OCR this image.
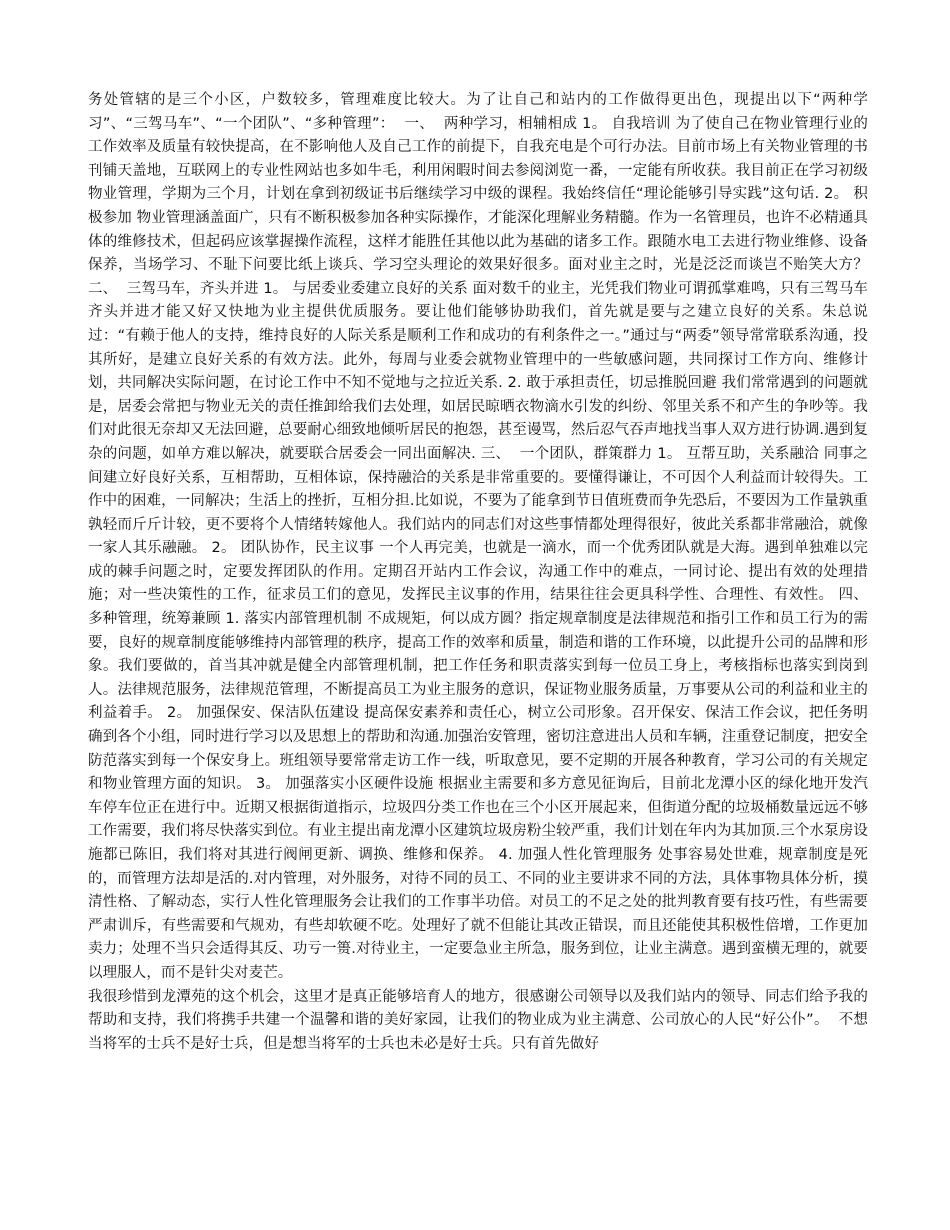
务处管辖的是三个小区，户数较多，管理难度比较大。为了让自己和站内的工作做得更出色，现提出以下“两种学习”、“三驾马车”、“一个团队”、“多种管理”：  一、  两种学习，相辅相成 1。 自我培训 为了使自己在物业管理行业的工作效率及质量有较快提高，在不影响他人及自己工作的前提下，自我充电是个可行办法。目前市场上有关物业管理的书刊铺天盖地，互联网上的专业性网站也多如牛毛，利用闲暇时间去参阅浏览一番，一定能有所收获。我目前正在学习初级物业管理，学期为三个月，计划在拿到初级证书后继续学习中级的课程。我始终信任“理论能够引导实践”这句话. 2。 积极参加 物业管理涵盖面广，只有不断积极参加各种实际操作，才能深化理解业务精髓。作为一名管理员，也许不必精通具体的维修技术，但起码应该掌握操作流程，这样才能胜任其他以此为基础的诸多工作。跟随水电工去进行物业维修、设备保养，当场学习、不耻下问要比纸上谈兵、学习空头理论的效果好很多。面对业主之时，光是泛泛而谈岂不贻笑大方？  二、  三驾马车，齐头并进 1。 与居委业委建立良好的关系 面对数千的业主，光凭我们物业可谓孤掌难鸣，只有三驾马车齐头并进才能又好又快地为业主提供优质服务。要让他们能够协助我们，首先就是要与之建立良好的关系。朱总说过：“有赖于他人的支持，维持良好的人际关系是顺利工作和成功的有利条件之一。”通过与“两委”领导常常联系沟通，投其所好，是建立良好关系的有效方法。此外，每周与业委会就物业管理中的一些敏感问题，共同探讨工作方向、维修计划，共同解决实际问题，在讨论工作中不知不觉地与之拉近关系. 2. 敢于承担责任，切忌推脱回避 我们常常遇到的问题就是，居委会常把与物业无关的责任推卸给我们去处理，如居民晾晒衣物滴水引发的纠纷、邻里关系不和产生的争吵等。我们对此很无奈却又无法回避，总要耐心细致地倾听居民的抱怨，甚至谩骂，然后忍气吞声地找当事人双方进行协调.遇到复杂的问题，如单方难以解决，就要联合居委会一同出面解决. 三、  一个团队，群策群力 1。 互帮互助，关系融洽 同事之间建立好良好关系，互相帮助，互相体谅，保持融洽的关系是非常重要的。要懂得谦让，不可因个人利益而计较得失。工作中的困难，一同解决；生活上的挫折，互相分担.比如说，不要为了能拿到节日值班费而争先恐后，不要因为工作量孰重孰轻而斤斤计较，更不要将个人情绪转嫁他人。我们站内的同志们对这些事情都处理得很好，彼此关系都非常融洽，就像一家人其乐融融。 2。 团队协作，民主议事 一个人再完美，也就是一滴水，而一个优秀团队就是大海。遇到单独难以完成的棘手问题之时，定要发挥团队的作用。定期召开站内工作会议，沟通工作中的难点，一同讨论、提出有效的处理措施；对一些决策性的工作，征求员工们的意见，发挥民主议事的作用，结果往往会更具科学性、合理性、有效性。 四、  多种管理，统筹兼顾 1. 落实内部管理机制 不成规矩，何以成方圆？指定规章制度是法律规范和指引工作和员工行为的需要，良好的规章制度能够维持内部管理的秩序，提高工作的效率和质量，制造和谐的工作环境，以此提升公司的品牌和形象。我们要做的，首当其冲就是健全内部管理机制，把工作任务和职责落实到每一位员工身上，考核指标也落实到岗到人。法律规范服务，法律规范管理，不断提高员工为业主服务的意识，保证物业服务质量，万事要从公司的利益和业主的利益着手。 2。 加强保安、保洁队伍建设 提高保安素养和责任心，树立公司形象。召开保安、保洁工作会议，把任务明确到各个小组，同时进行学习以及思想上的帮助和沟通.加强治安管理，密切注意进出人员和车辆，注重登记制度，把安全防范落实到每一个保安身上。班组领导要常常走访工作一线，听取意见，要不定期的开展各种教育，学习公司的有关规定和物业管理方面的知识。 3。 加强落实小区硬件设施 根据业主需要和多方意见征询后，目前北龙潭小区的绿化地开发汽车停车位正在进行中。近期又根据街道指示，垃圾四分类工作也在三个小区开展起来，但街道分配的垃圾桶数量远远不够工作需要，我们将尽快落实到位。有业主提出南龙潭小区建筑垃圾房粉尘较严重，我们计划在年内为其加顶.三个水泵房设施都已陈旧，我们将对其进行阀闸更新、调换、维修和保养。 4. 加强人性化管理服务 处事容易处世难，规章制度是死的，而管理方法却是活的.对内管理，对外服务，对待不同的员工、不同的业主要讲求不同的方法，具体事物具体分析，摸清性格、了解动态，实行人性化管理服务会让我们的工作事半功倍。对员工的不足之处的批判教育要有技巧性，有些需要严肃训斥，有些需要和气规劝，有些却软硬不吃。处理好了就不但能让其改正错误，而且还能使其积极性倍增，工作更加卖力；处理不当只会适得其反、功亏一篑.对待业主，一定要急业主所急，服务到位，让业主满意。遇到蛮横无理的，就要以理服人，而不是针尖对麦芒。

我很珍惜到龙潭苑的这个机会，这里才是真正能够培育人的地方，很感谢公司领导以及我们站内的领导、同志们给予我的帮助和支持，我们将携手共建一个温馨和谐的美好家园，让我们的物业成为业主满意、公司放心的人民“好公仆”。  不想当将军的士兵不是好士兵，但是想当将军的士兵也未必是好士兵。只有首先做好
